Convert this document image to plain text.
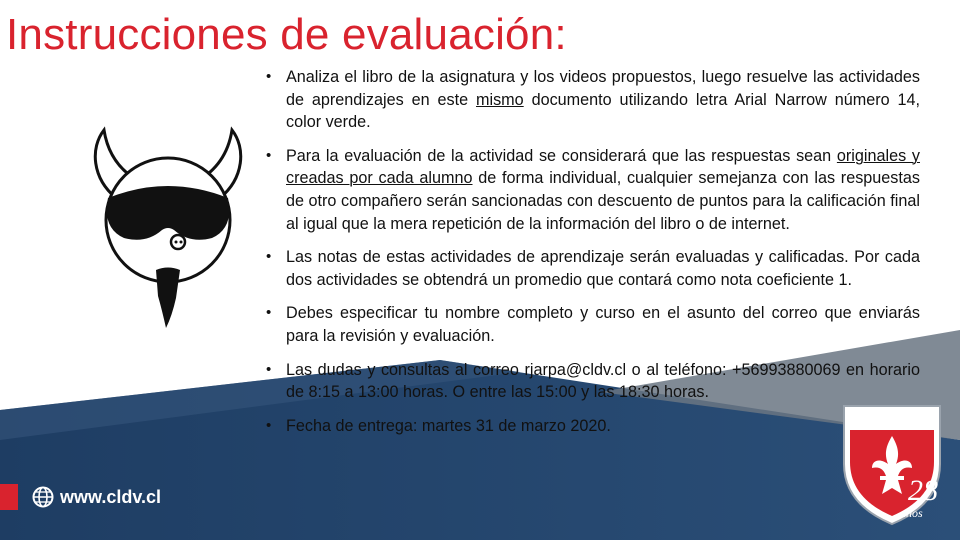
Instrucciones de evaluación:
• Analiza el libro de la asignatura y los videos propuestos, luego resuelve las actividades de aprendizajes en este mismo documento utilizando letra Arial Narrow número 14, color verde.
• Para la evaluación de la actividad se considerará que las respuestas sean originales y creadas por cada alumno de forma individual, cualquier semejanza con las respuestas de otro compañero serán sancionadas con descuento de puntos para la calificación final al igual que la mera repetición de la información del libro o de internet.
• Las notas de estas actividades de aprendizaje serán evaluadas y calificadas. Por cada dos actividades se obtendrá un promedio que contará como nota coeficiente 1.
• Debes especificar tu nombre completo y curso en el asunto del correo que enviarás para la revisión y evaluación.
• Las dudas y consultas al correo rjarpa@cldv.cl o al teléfono: +56993880069 en horario de 8:15 a 13:00 horas. O entre las 15:00 y las 18:30 horas.
• Fecha de entrega: martes 31 de marzo 2020.
www.cldv.cl	28
años
